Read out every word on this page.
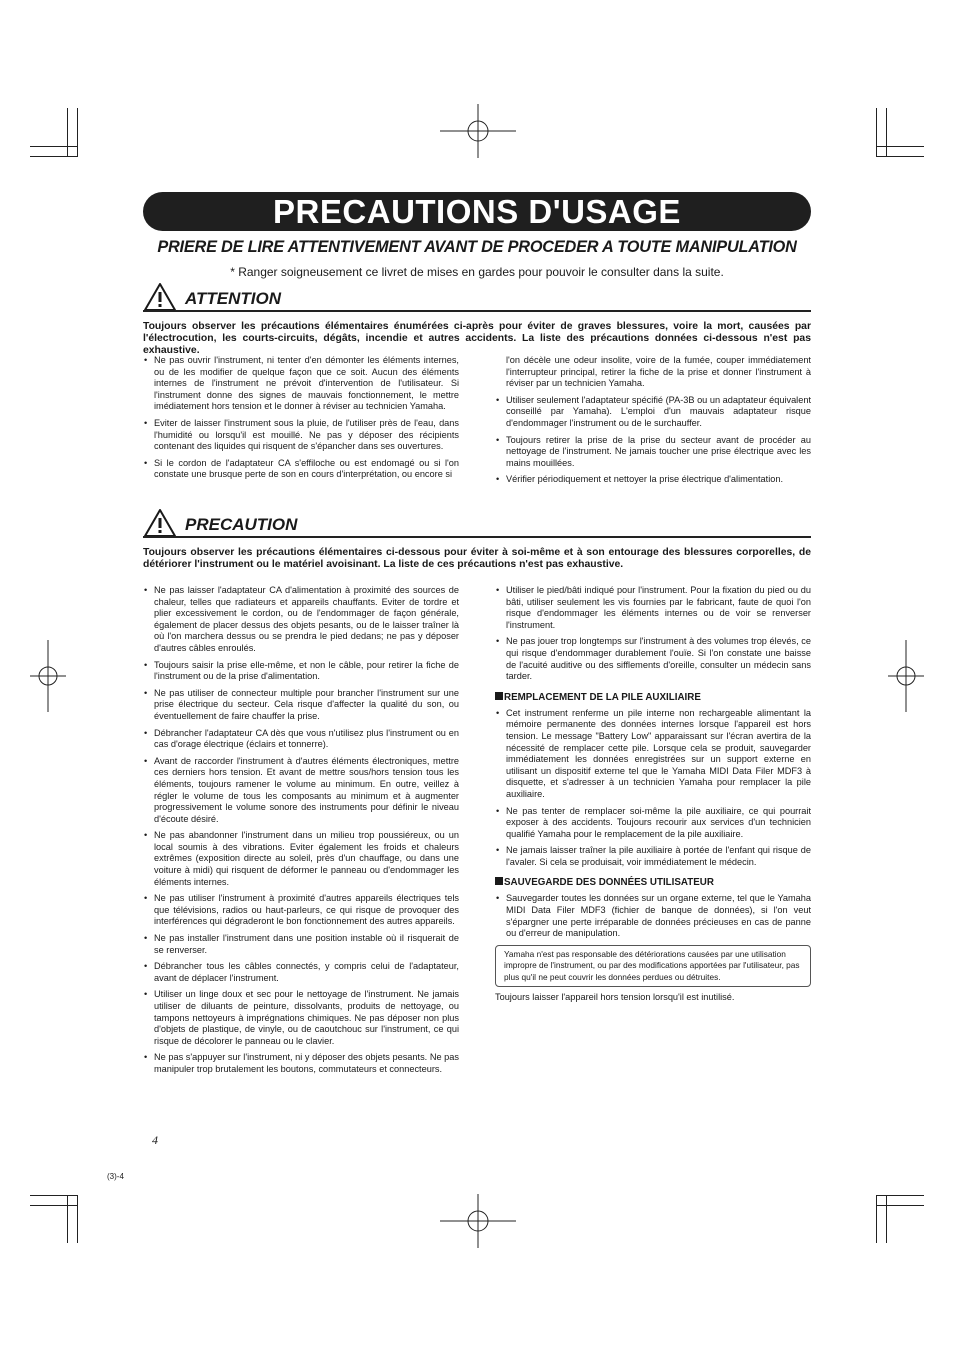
PRECAUTIONS D'USAGE
PRIERE DE LIRE ATTENTIVEMENT AVANT DE PROCEDER A TOUTE MANIPULATION
* Ranger soigneusement ce livret de mises en gardes pour pouvoir le consulter dans la suite.
ATTENTION
Toujours observer les précautions élémentaires énumérées ci-après pour éviter de graves blessures, voire la mort, causées par l'électrocution, les courts-circuits, dégâts, incendie et autres accidents. La liste des précautions données ci-dessous n'est pas exhaustive.
• Ne pas ouvrir l'instrument, ni tenter d'en démonter les éléments internes, ou de les modifier de quelque façon que ce soit. Aucun des éléments internes de l'instrument ne prévoit d'intervention de l'utilisateur. Si l'instrument donne des signes de mauvais fonctionnement, le mettre imédiatement hors tension et le donner à réviser au technicien Yamaha.
• Eviter de laisser l'instrument sous la pluie, de l'utiliser près de l'eau, dans l'humidité ou lorsqu'il est mouillé. Ne pas y déposer des récipients contenant des liquides qui risquent de s'épancher dans ses ouvertures.
• Si le cordon de l'adaptateur CA s'effiloche ou est endomagé ou si l'on constate une brusque perte de son en cours d'interprétation, ou encore si

l'on décèle une odeur insolite, voire de la fumée, couper immédiatement l'interrupteur principal, retirer la fiche de la prise et donner l'instrument à réviser par un technicien Yamaha.

• Utiliser seulement l'adaptateur spécifié (PA-3B ou un adaptateur équivalent conseillé par Yamaha). L'emploi d'un mauvais adaptateur risque d'endommager l'instrument ou de le surchauffer.
• Toujours retirer la prise de la prise du secteur avant de procéder au nettoyage de l'instrument. Ne jamais toucher une prise électrique avec les mains mouillées.
• Vérifier périodiquement et nettoyer la prise électrique d'alimentation.
PRECAUTION
Toujours observer les précautions élémentaires ci-dessous pour éviter à soi-même et à son entourage des blessures corporelles, de détériorer l'instrument ou le matériel avoisinant. La liste de ces précautions n'est pas exhaustive.
• Ne pas laisser l'adaptateur CA d'alimentation à proximité des sources de chaleur, telles que radiateurs et appareils chauffants. Eviter de tordre et plier excessivement le cordon, ou de l'endommager de façon générale, également de placer dessus des objets pesants, ou de le laisser traîner là où l'on marchera dessus ou se prendra le pied dedans; ne pas y déposer d'autres câbles enroulés.
• Toujours saisir la prise elle-même, et non le câble, pour retirer la fiche de l'instrument ou de la prise d'alimentation.
• Ne pas utiliser de connecteur multiple pour brancher l'instrument sur une prise électrique du secteur. Cela risque d'affecter la qualité du son, ou éventuellement de faire chauffer la prise.
• Débrancher l'adaptateur CA dès que vous n'utilisez plus l'instrument ou en cas d'orage électrique (éclairs et tonnerre).
• Avant de raccorder l'instrument à d'autres éléments électroniques, mettre ces derniers hors tension. Et avant de mettre sous/hors tension tous les éléments, toujours ramener le volume au minimum. En outre, veillez à régler le volume de tous les composants au minimum et à augmenter progressivement le volume sonore des instruments pour définir le niveau d'écoute désiré.
• Ne pas abandonner l'instrument dans un milieu trop poussiéreux, ou un local soumis à des vibrations. Eviter également les froids et chaleurs extrêmes (exposition directe au soleil, près d'un chauffage, ou dans une voiture à midi) qui risquent de déformer le panneau ou d'endommager les éléments internes.
• Ne pas utiliser l'instrument à proximité d'autres appareils électriques tels que télévisions, radios ou haut-parleurs, ce qui risque de provoquer des interférences qui dégraderont le bon fonctionnement des autres appareils.
• Ne pas installer l'instrument dans une position instable où il risquerait de se renverser.
• Débrancher tous les câbles connectés, y compris celui de l'adaptateur, avant de déplacer l'instrument.
• Utiliser un linge doux et sec pour le nettoyage de l'instrument. Ne jamais utiliser de diluants de peinture, dissolvants, produits de nettoyage, ou tampons nettoyeurs à imprégnations chimiques. Ne pas déposer non plus d'objets de plastique, de vinyle, ou de caoutchouc sur l'instrument, ce qui risque de décolorer le panneau ou le clavier.
• Ne pas s'appuyer sur l'instrument, ni y déposer des objets pesants. Ne pas manipuler trop brutalement les boutons, commutateurs et connecteurs.
• Utiliser le pied/bâti indiqué pour l'instrument. Pour la fixation du pied ou du bâti, utiliser seulement les vis fournies par le fabricant, faute de quoi l'on risque d'endommager les éléments internes ou de voir se renverser l'instrument.
• Ne pas jouer trop longtemps sur l'instrument à des volumes trop élevés, ce qui risque d'endommager durablement l'ouïe. Si l'on constate une baisse de l'acuité auditive ou des sifflements d'oreille, consulter un médecin sans tarder.
REMPLACEMENT DE LA PILE AUXILIAIRE
• Cet instrument renferme un pile interne non rechargeable alimentant la mémoire permanente des données internes lorsque l'appareil est hors tension. Le message "Battery Low" apparaissant sur l'écran avertira de la nécessité de remplacer cette pile. Lorsque cela se produit, sauvegarder immédiatement les données enregistrées sur un support externe en utilisant un dispositif externe tel que le Yamaha MIDI Data Filer MDF3 à disquette, et s'adresser à un technicien Yamaha pour remplacer la pile auxiliaire.
• Ne pas tenter de remplacer soi-même la pile auxiliaire, ce qui pourrait exposer à des accidents. Toujours recourir aux services d'un technicien qualifié Yamaha pour le remplacement de la pile auxiliaire.
• Ne jamais laisser traîner la pile auxiliaire à portée de l'enfant qui risque de l'avaler. Si cela se produisait, voir immédiatement le médecin.
SAUVEGARDE DES DONNÉES UTILISATEUR
• Sauvegarder toutes les données sur un organe externe, tel que le Yamaha MIDI Data Filer MDF3 (fichier de banque de données), si l'on veut s'épargner une perte irréparable de données précieuses en cas de panne ou d'erreur de manipulation.
Yamaha n'est pas responsable des détériorations causées par une utilisation impropre de l'instrument, ou par des modifications apportées par l'utilisateur, pas plus qu'il ne peut couvrir les données perdues ou détruites.

Toujours laisser l'appareil hors tension lorsqu'il est inutilisé.

4
(3)-4
